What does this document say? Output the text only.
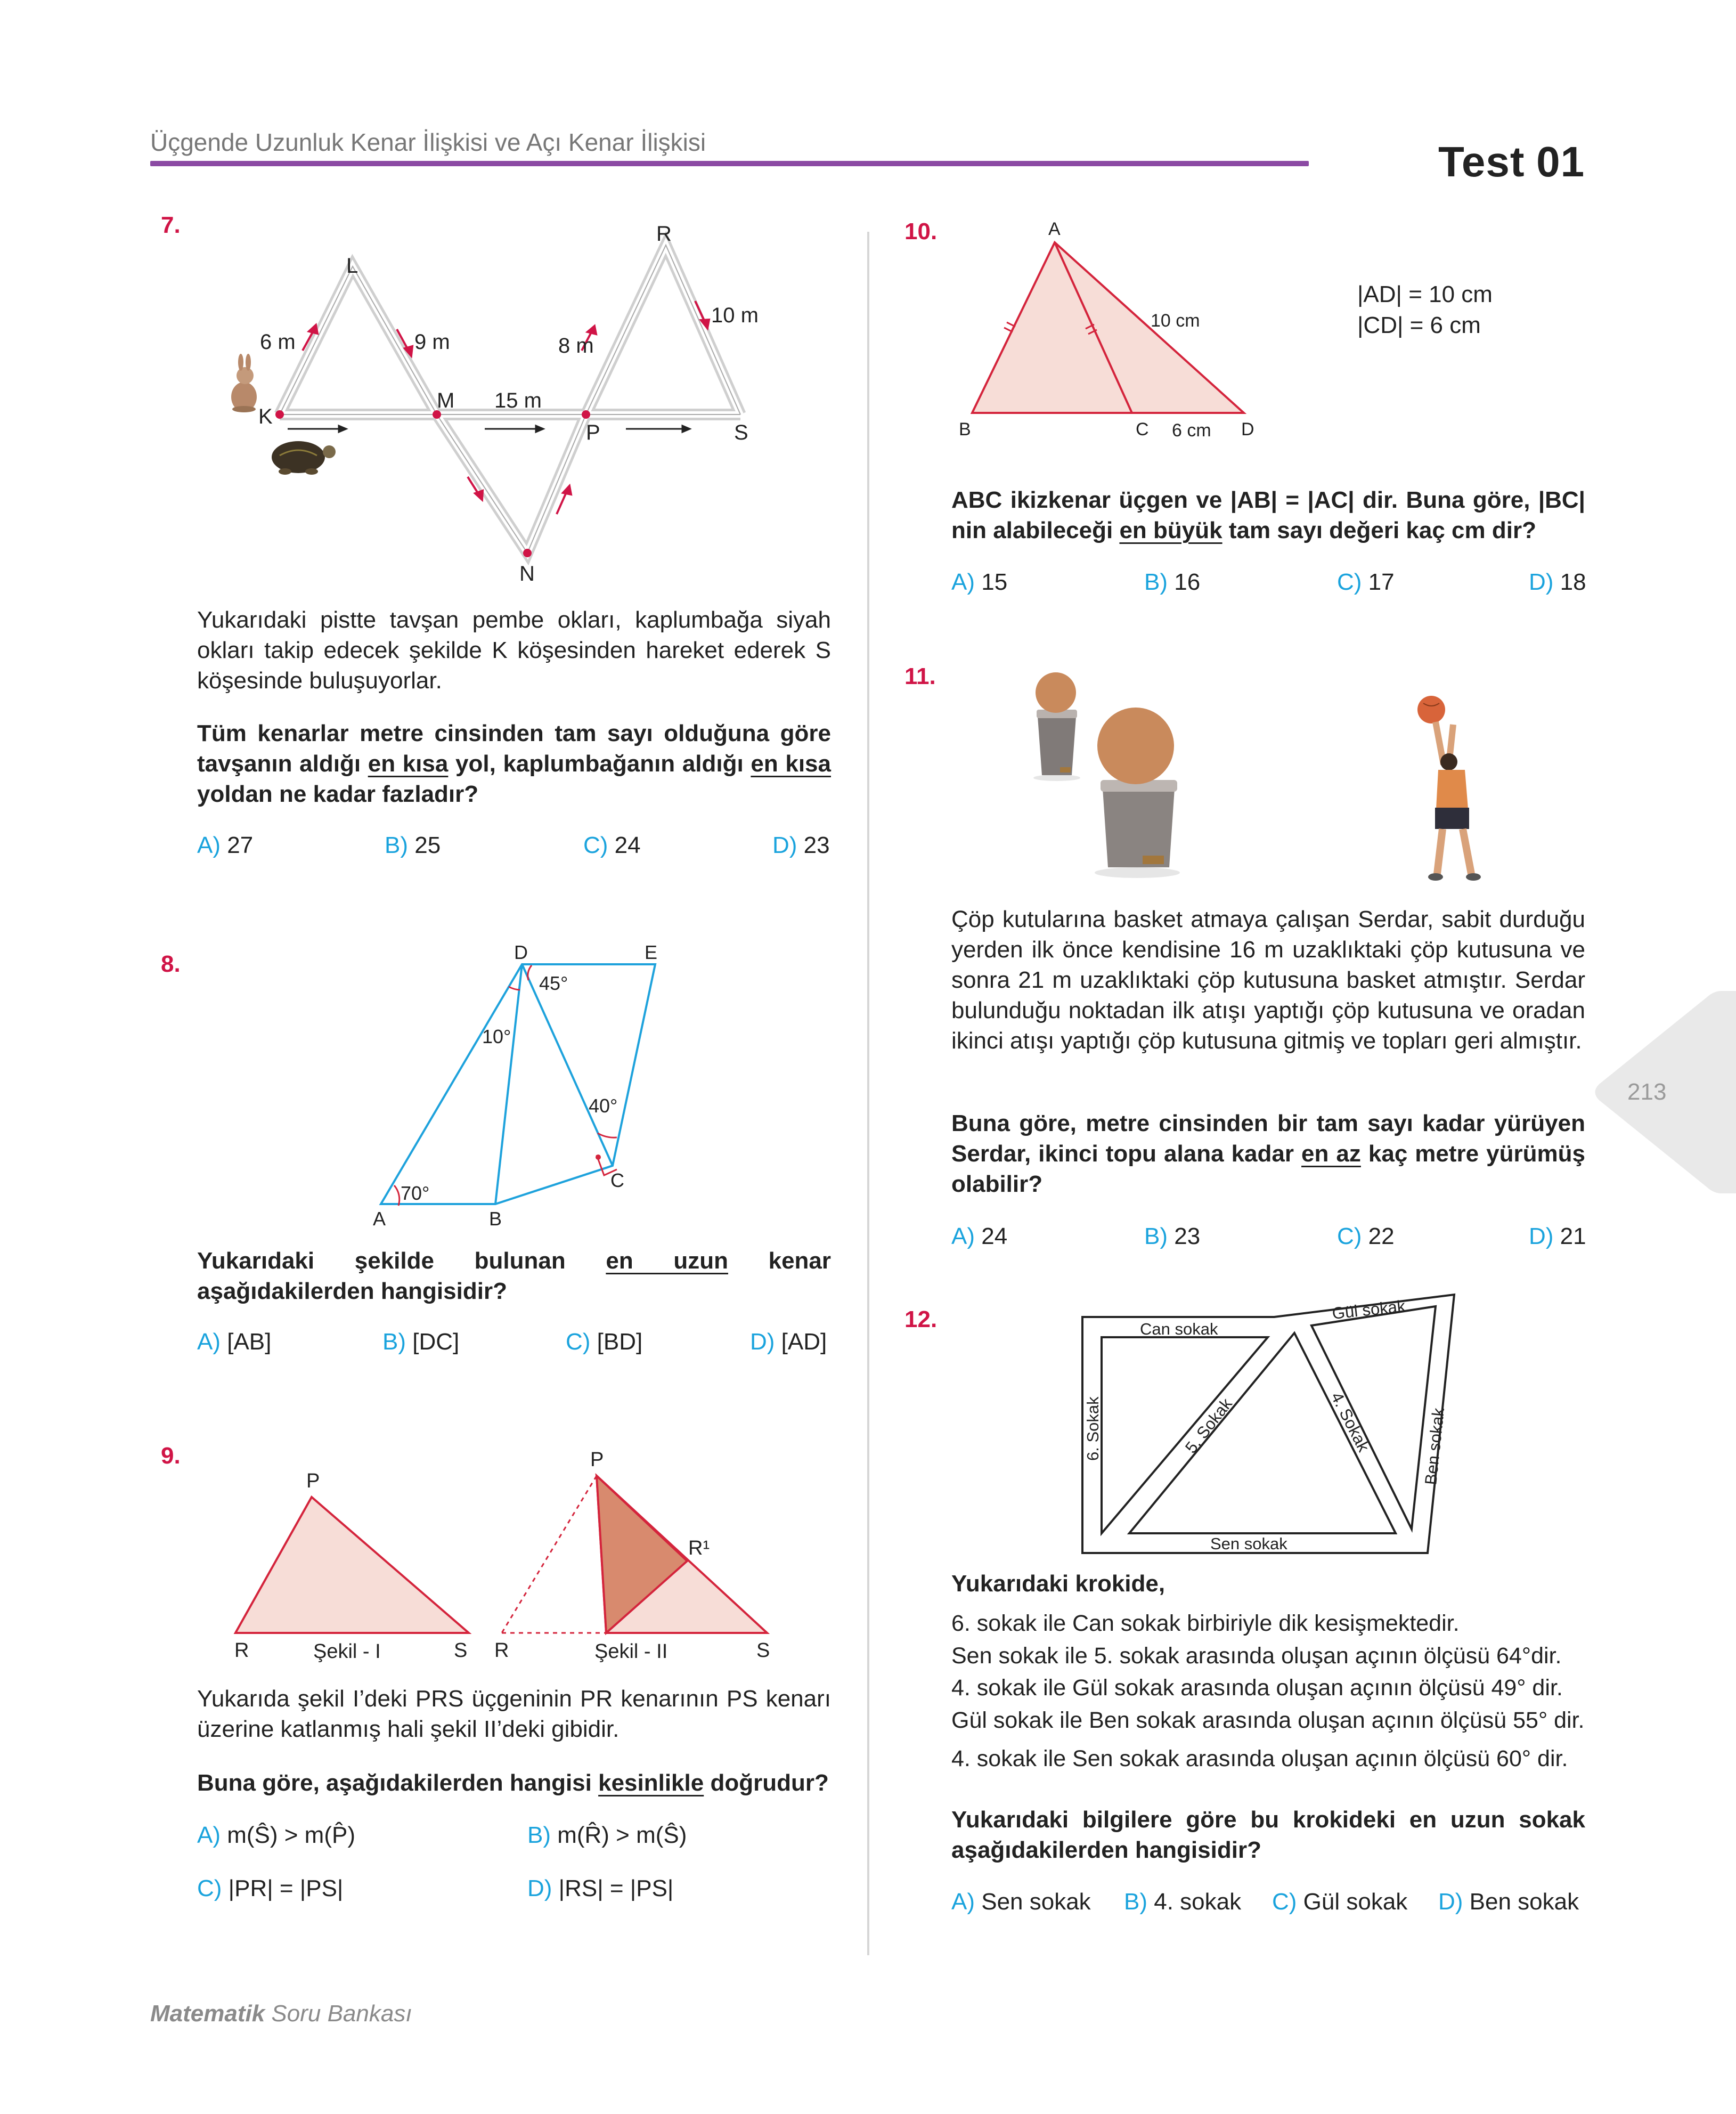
Üçgende Uzunluk Kenar İlişkisi ve Açı Kenar İlişkisi	Test 01
7.
L
R
K
M
P	S
N
6 m	9 m
15 m
8 m
10 m
Yukarıdaki pistte tavşan pembe okları, kaplumbağa siyah okları takip edecek şekilde K köşesinden hareket ederek S köşesinde buluşuyorlar.
Tüm kenarlar metre cinsinden tam sayı olduğuna göre tavşanın aldığı en kısa yol, kaplumbağanın aldığı en kısa yoldan ne kadar fazladır?
A) 27	B) 25	C) 24	D) 23
8.	D	E
A	B
C
45°
10°
40°
70°
Yukarıdaki şekilde bulunan en uzun kenar aşağıdakilerden hangisidir?
A) [AB]	B) [DC]	C) [BD]	D) [AD]
9.
P
R	S
Şekil - I
P
R	S
R¹
Şekil - II
Yukarıda şekil I’deki PRS üçgeninin PR kenarının PS kenarı üzerine katlanmış hali şekil II’deki gibidir.
Buna göre, aşağıdakilerden hangisi kesinlikle doğrudur?
A) m(Ŝ) > m(P̂)	B) m(R̂) > m(Ŝ)
C) |PR| = |PS|	D) |RS| = |PS|
10.	A
B	C	D
10 cm
6 cm
|AD| = 10 cm
|CD| = 6 cm
ABC ikizkenar üçgen ve |AB| = |AC| dir. Buna göre, |BC| nin alabileceği en büyük tam sayı değeri kaç cm dir?
A) 15	B) 16	C) 17	D) 18
11.
Çöp kutularına basket atmaya çalışan Serdar, sabit durduğu yerden ilk önce kendisine 16 m uzaklıktaki çöp kutusuna ve sonra 21 m uzaklıktaki çöp kutusuna basket atmıştır. Serdar bulunduğu noktadan ilk atışı yaptığı çöp kutusuna ve oradan ikinci atışı yaptığı çöp kutusuna gitmiş ve topları geri almıştır.
Buna göre, metre cinsinden bir tam sayı kadar yürüyen Serdar, ikinci topu alana kadar en az kaç metre yürümüş olabilir?
A) 24	B) 23	C) 22	D) 21
12.	Can sokak
Gül sokak
6. Sokak	5. Sokak	4. Sokak	Ben sokak
Sen sokak
Yukarıdaki krokide,
6. sokak ile Can sokak birbiriyle dik kesişmektedir.
Sen sokak ile 5. sokak arasında oluşan açının ölçüsü 64°dir.
4. sokak ile Gül sokak arasında oluşan açının ölçüsü 49° dir.
Gül sokak ile Ben sokak arasında oluşan açının ölçüsü 55° dir.
4. sokak ile Sen sokak arasında oluşan açının ölçüsü 60° dir.
Yukarıdaki bilgilere göre bu krokideki en uzun sokak aşağıdakilerden hangisidir?
A) Sen sokak B) 4. sokak C) Gül sokak D) Ben sokak
213
Matematik Soru Bankası
